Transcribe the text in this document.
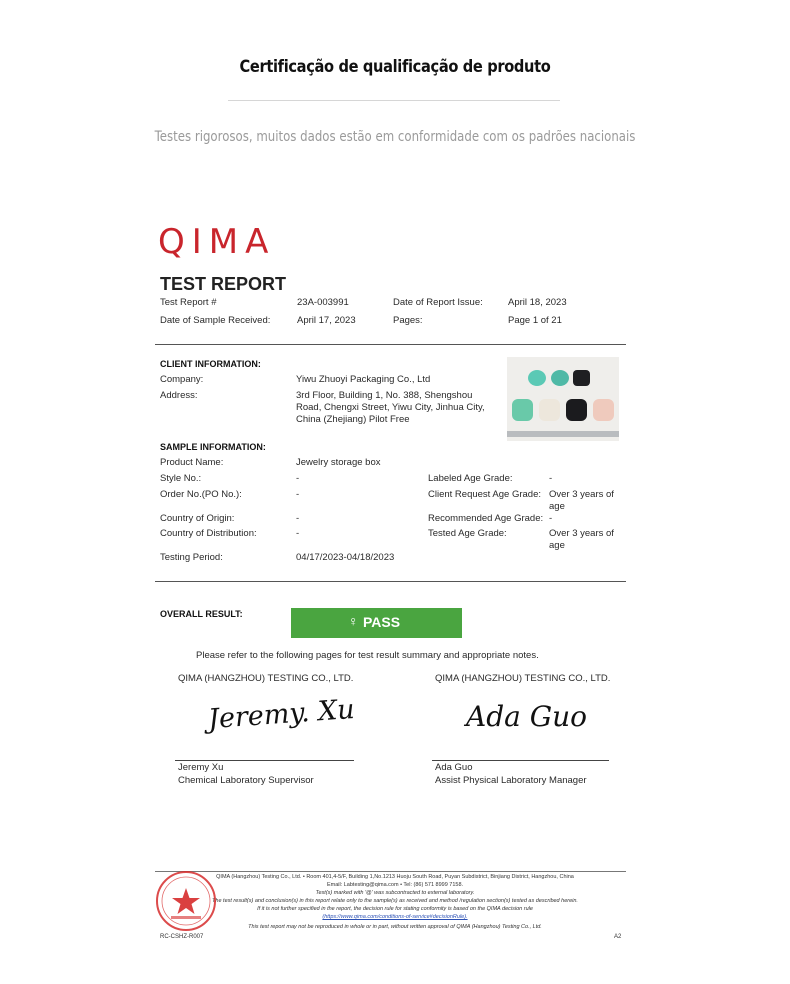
Certificação de qualificação de produto
Testes rigorosos, muitos dados estão em conformidade com os padrões nacionais
QIMA
TEST REPORT
Test Report #	23A-003991	Date of Report Issue:	April 18, 2023
Date of Sample Received:	April 17, 2023	Pages:	Page 1 of 21
CLIENT INFORMATION:
Company:	Yiwu Zhuoyi Packaging Co., Ltd
Address:	3rd Floor, Building 1, No. 388, Shengshou Road, Chengxi Street, Yiwu City, Jinhua City, China (Zhejiang) Pilot Free
SAMPLE INFORMATION:
Product Name:	Jewelry storage box
Style No.:	-	Labeled Age Grade:	-
Order No.(PO No.):	-	Client Request Age Grade: Over 3 years of age
Country of Origin:	-	Recommended Age Grade: -
Country of Distribution:	-	Tested Age Grade:	Over 3 years of age
Testing Period:	04/17/2023-04/18/2023
OVERALL RESULT:	♀ PASS
Please refer to the following pages for test result summary and appropriate notes.
QIMA (HANGZHOU) TESTING CO., LTD.
Jeremy. Xu
Jeremy Xu
Chemical Laboratory Supervisor
QIMA (HANGZHOU) TESTING CO., LTD.
Ada Guo
Ada Guo
Assist Physical Laboratory Manager
QIMA (Hangzhou) Testing Co., Ltd. • Room 401,4-5/F, Building 1,No.1213 Huoju South Road, Puyan Subdistrict, Binjiang District, Hangzhou, China
Email: Labtesting@qima.com • Tel: (86) 571 8999 7158.
Test(s) marked with '@' was subcontracted to external laboratory.
The test result(s) and conclusion(s) in this report relate only to the sample(s) as received and method /regulation section(s) tested as described herein.
If it is not further specified in the report, the decision rule for stating conformity is based on the QIMA decision rule
(https://www.qima.com/conditions-of-service#decisionRule).
This test report may not be reproduced in whole or in part, without written approval of QIMA (Hangzhou) Testing Co., Ltd.
RC-CSHZ-R007	A2
